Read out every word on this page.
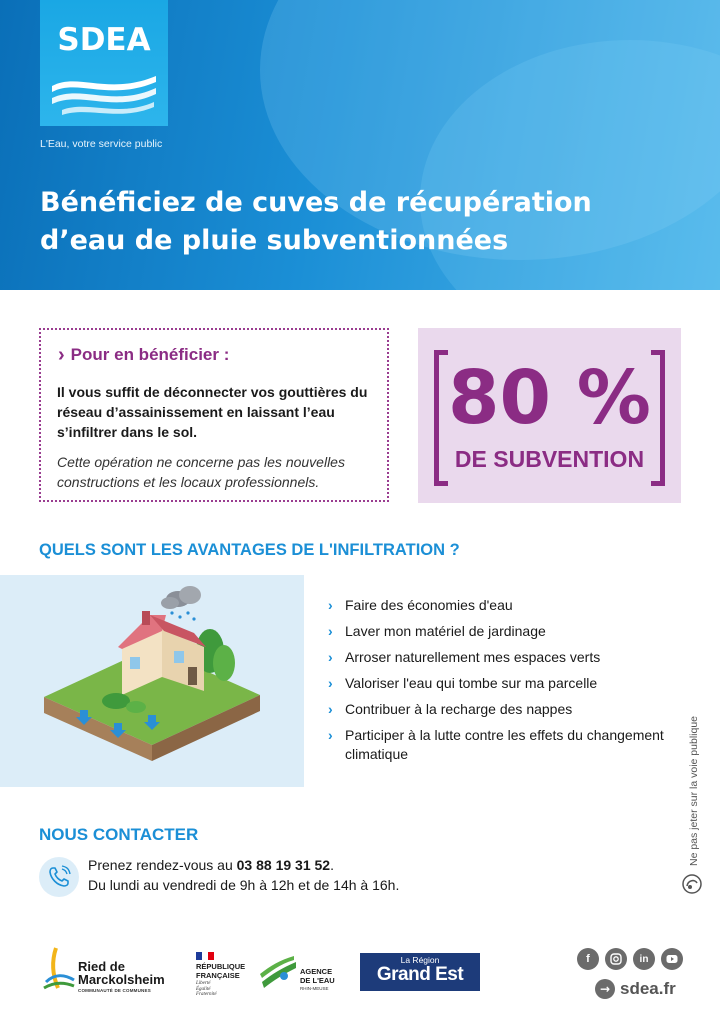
SDEA
L'Eau, votre service public
Bénéficiez de cuves de récupération
d’eau de pluie subventionnées
› Pour en bénéficier :

Il vous suffit de déconnecter vos gouttières du réseau d’assainissement en laissant l’eau s’infiltrer dans le sol.

Cette opération ne concerne pas les nouvelles constructions et les locaux professionnels.

80 %
DE SUBVENTION
QUELS SONT LES AVANTAGES DE L'INFILTRATION ?
› Faire des économies d'eau
› Laver mon matériel de jardinage
› Arroser naturellement mes espaces verts
› Valoriser l'eau qui tombe sur ma parcelle
› Contribuer à la recharge des nappes
› Participer à la lutte contre les effets du changement climatique	Ne pas jeter sur la voie publique
NOUS CONTACTER
Prenez rendez-vous au 03 88 19 31 52.
Du lundi au vendredi de 9h à 12h et de 14h à 16h.
Ried de
Marckolsheim
COMMUNAUTÉ DE COMMUNES
RÉPUBLIQUE
FRANÇAISE
Liberté
Égalité
Fraternité
AGENCE
DE L'EAU
RHIN-MEUSE
La Région
Grand Est
f	in
→ sdea.fr
